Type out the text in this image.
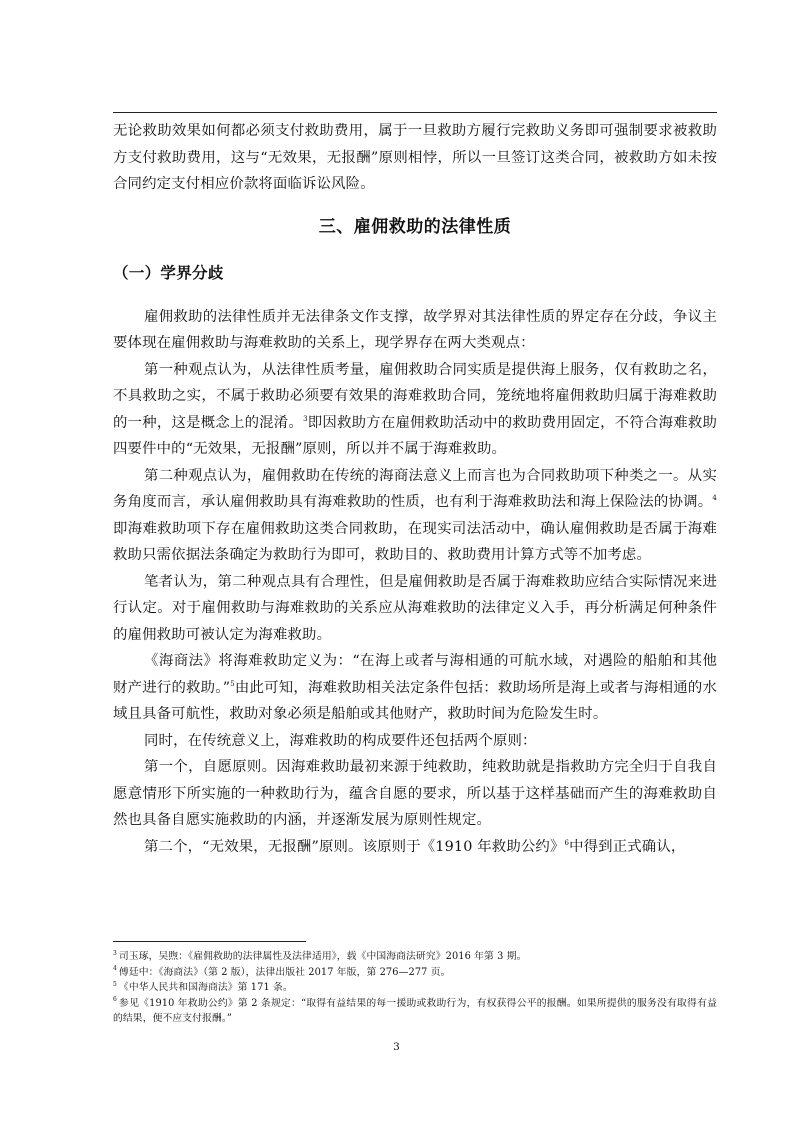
无论救助效果如何都必须支付救助费用，属于一旦救助方履行完救助义务即可强制要求被救助方支付救助费用，这与“无效果，无报酬”原则相悖，所以一旦签订这类合同，被救助方如未按合同约定支付相应价款将面临诉讼风险。

三、雇佣救助的法律性质
（一）学界分歧

雇佣救助的法律性质并无法律条文作支撑，故学界对其法律性质的界定存在分歧，争议主要体现在雇佣救助与海难救助的关系上，现学界存在两大类观点：

第一种观点认为，从法律性质考量，雇佣救助合同实质是提供海上服务，仅有救助之名，不具救助之实，不属于救助必须要有效果的海难救助合同，笼统地将雇佣救助归属于海难救助的一种，这是概念上的混淆。$^3$即因救助方在雇佣救助活动中的救助费用固定，不符合海难救助四要件中的“无效果，无报酬”原则，所以并不属于海难救助。

第二种观点认为，雇佣救助在传统的海商法意义上而言也为合同救助项下种类之一。从实务角度而言，承认雇佣救助具有海难救助的性质，也有利于海难救助法和海上保险法的协调。$^4$即海难救助项下存在雇佣救助这类合同救助，在现实司法活动中，确认雇佣救助是否属于海难救助只需依据法条确定为救助行为即可，救助目的、救助费用计算方式等不加考虑。

笔者认为，第二种观点具有合理性，但是雇佣救助是否属于海难救助应结合实际情况来进行认定。对于雇佣救助与海难救助的关系应从海难救助的法律定义入手，再分析满足何种条件的雇佣救助可被认定为海难救助。

《海商法》将海难救助定义为：“在海上或者与海相通的可航水域，对遇险的船舶和其他财产进行的救助。”$^5$由此可知，海难救助相关法定条件包括：救助场所是海上或者与海相通的水域且具备可航性，救助对象必须是船舶或其他财产，救助时间为危险发生时。

同时，在传统意义上，海难救助的构成要件还包括两个原则：

第一个，自愿原则。因海难救助最初来源于纯救助，纯救助就是指救助方完全归于自我自愿意情形下所实施的一种救助行为，蕴含自愿的要求，所以基于这样基础而产生的海难救助自然也具备自愿实施救助的内涵，并逐渐发展为原则性规定。

第二个，“无效果，无报酬”原则。该原则于《1910 年救助公约》$^6$中得到正式确认，

$^3$ 司玉琢，吴煦：《雇佣救助的法律属性及法律适用》，载《中国海商法研究》2016 年第 3 期。

$^4$ 傅廷中：《海商法》（第 2 版），法律出版社 2017 年版，第 276—277 页。

$^5$ 《中华人民共和国海商法》第 171 条。

$^6$ 参见《1910 年救助公约》第 2 条规定：“取得有益结果的每一援助或救助行为，有权获得公平的报酬。如果所提供的服务没有取得有益的结果，便不应支付报酬。”

3
